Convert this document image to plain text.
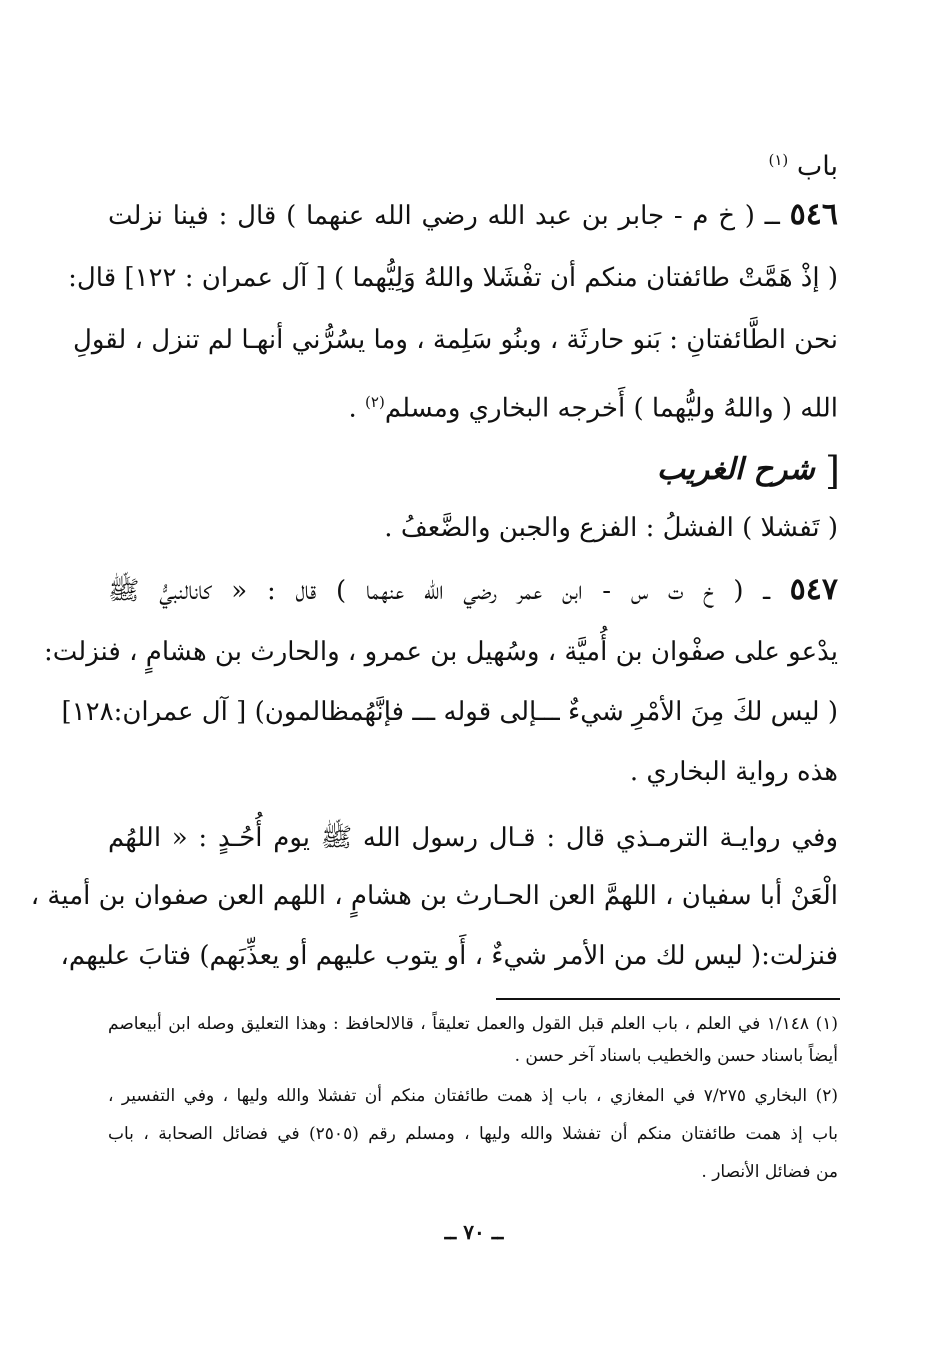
باب $^{(١)}$
٥٤٦ ــ ( خ م - جابر بن عبد الله رضي الله عنهما ) قال : فينا نزلت
( إذْ هَمَّتْ طائفتان منكم أن تفْشَلا واللهُ وَلِيُّهما ) [ آل عمران : ١٢٢] قال:
نحن الطَّائفتانِ : بَنو حارثَة ، وبنُو سَلِمة ، وما يسُرُّني أنهـا لم تنزل ، لقولِ
الله ( واللهُ وليُّهما ) أَخرجه البخاري ومسلم$^{(٢)}$ .
[ شرح الغريب
( تَفشلا ) الفشلُ : الفزع والجبن والضَّعفُ .
٥٤٧ ــ ( خ ت س - ابن عمر رضي الله عنهما ) قال : « كانالنبيُّ ﷺ
يدْعو على صفْوان بن أُميَّة ، وسُهيل بن عمرو ، والحارث بن هشامٍ ، فنزلت:
( ليس لكَ مِنَ الأمْرِ شيءٌ ـــإلى قوله ـــ فإنَّهُمظالمون) [ آل عمران:١٢٨]
هذه رواية البخاري .
وفي روايـة الترمـذي قال : قـال رسول الله ﷺ يوم أُحُـدٍ : « اللهُم
الْعَنْ أبا سفيان ، اللهمَّ العن الحـارث بن هشامٍ ، اللهم العن صفوان بن أمية ،
فنزلت:( ليس لك من الأمر شيءٌ ، أَو يتوب عليهم أو يعذِّبَهم) فتابَ عليهم،
(١) ١/١٤٨ في العلم ، باب العلم قبل القول والعمل تعليقاً ، قالالحافظ : وهذا التعليق وصله ابن أبيعاصم
أيضاً باسناد حسن والخطيب باسناد آخر حسن .
(٢) البخاري ٧/٢٧٥ في المغازي ، باب إذ همت طائفتان منكم أن تفشلا والله وليها ، وفي التفسير ،
باب إذ همت طائفتان منكم أن تفشلا والله وليها ، ومسلم رقم (٢٥٠٥) في فضائل الصحابة ، باب
من فضائل الأنصار .
ــ ٧٠ ــ
